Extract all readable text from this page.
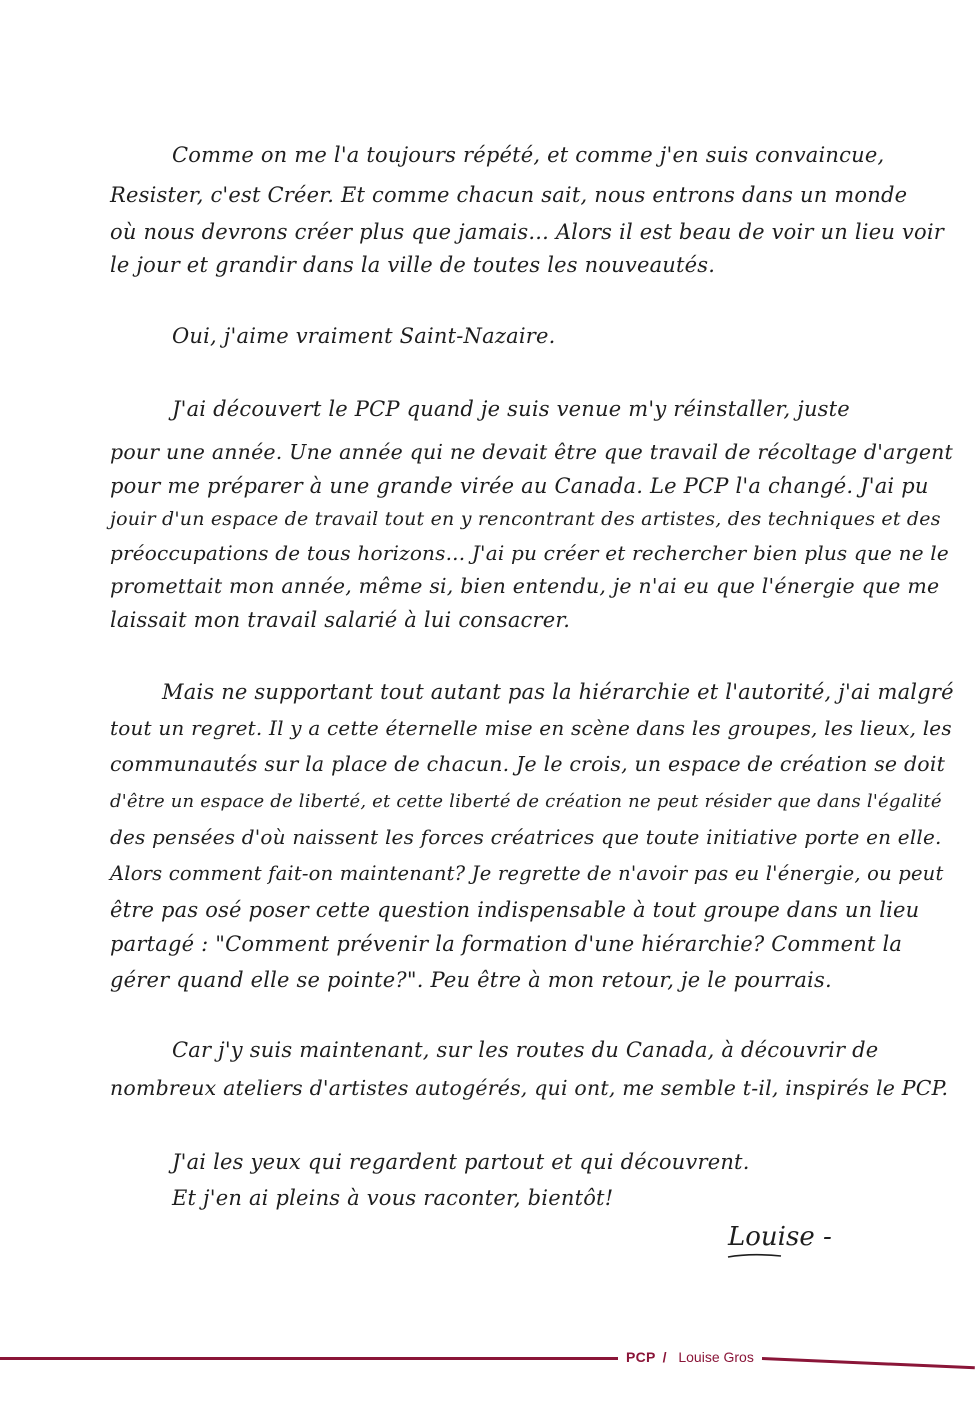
Comme on me l'a toujours répété, et comme j'en suis convaincue,
Resister, c'est Créer. Et comme chacun sait, nous entrons dans un monde
où nous devrons créer plus que jamais... Alors il est beau de voir un lieu voir
le jour et grandir dans la ville de toutes les nouveautés.
Oui, j'aime vraiment Saint-Nazaire.
J'ai découvert le PCP quand je suis venue m'y réinstaller, juste
pour une année. Une année qui ne devait être que travail de récoltage d'argent
pour me préparer à une grande virée au Canada. Le PCP l'a changé. J'ai pu
jouir d'un espace de travail tout en y rencontrant des artistes, des techniques et des
préoccupations de tous horizons... J'ai pu créer et rechercher bien plus que ne le
promettait mon année, même si, bien entendu, je n'ai eu que l'énergie que me
laissait mon travail salarié à lui consacrer.
Mais ne supportant tout autant pas la hiérarchie et l'autorité, j'ai malgré
tout un regret. Il y a cette éternelle mise en scène dans les groupes, les lieux, les
communautés sur la place de chacun. Je le crois, un espace de création se doit
d'être un espace de liberté, et cette liberté de création ne peut résider que dans l'égalité
des pensées d'où naissent les forces créatrices que toute initiative porte en elle.
Alors comment fait-on maintenant? Je regrette de n'avoir pas eu l'énergie, ou peut
être pas osé poser cette question indispensable à tout groupe dans un lieu
partagé : "Comment prévenir la formation d'une hiérarchie? Comment la
gérer quand elle se pointe?". Peu être à mon retour, je le pourrais.
Car j'y suis maintenant, sur les routes du Canada, à découvrir de
nombreux ateliers d'artistes autogérés, qui ont, me semble t-il, inspirés le PCP.
J'ai les yeux qui regardent partout et qui découvrent.
Et j'en ai pleins à vous raconter, bientôt!
Louise -
PCP / Louise Gros
